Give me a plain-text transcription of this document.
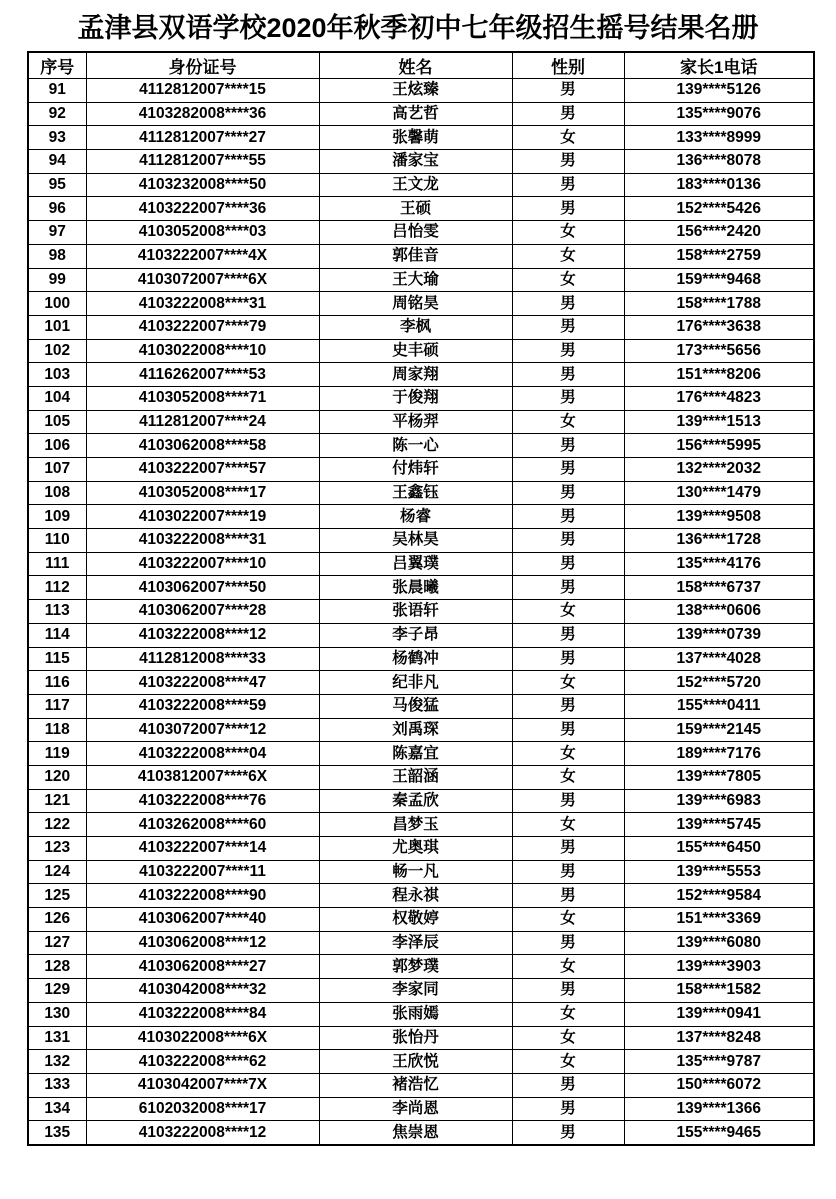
孟津县双语学校2020年秋季初中七年级招生摇号结果名册
序号	身份证号	姓名	性别	家长1电话
91	4112812007****15	王炫臻	男	139****5126
92	4103282008****36	高艺哲	男	135****9076
93	4112812007****27	张馨萌	女	133****8999
94	4112812007****55	潘家宝	男	136****8078
95	4103232008****50	王文龙	男	183****0136
96	4103222007****36	王硕	男	152****5426
97	4103052008****03	吕怡雯	女	156****2420
98	4103222007****4X	郭佳音	女	158****2759
99	4103072007****6X	王大瑜	女	159****9468
100	4103222008****31	周铭昊	男	158****1788
101	4103222007****79	李枫	男	176****3638
102	4103022008****10	史丰硕	男	173****5656
103	4116262007****53	周家翔	男	151****8206
104	4103052008****71	于俊翔	男	176****4823
105	4112812007****24	平杨羿	女	139****1513
106	4103062008****58	陈一心	男	156****5995
107	4103222007****57	付炜轩	男	132****2032
108	4103052008****17	王鑫钰	男	130****1479
109	4103022007****19	杨睿	男	139****9508
110	4103222008****31	吴林昊	男	136****1728
111	4103222007****10	吕翼璞	男	135****4176
112	4103062007****50	张晨曦	男	158****6737
113	4103062007****28	张语轩	女	138****0606
114	4103222008****12	李子昂	男	139****0739
115	4112812008****33	杨鹤冲	男	137****4028
116	4103222008****47	纪非凡	女	152****5720
117	4103222008****59	马俊猛	男	155****0411
118	4103072007****12	刘禹琛	男	159****2145
119	4103222008****04	陈嘉宜	女	189****7176
120	4103812007****6X	王韶涵	女	139****7805
121	4103222008****76	秦孟欣	男	139****6983
122	4103262008****60	昌梦玉	女	139****5745
123	4103222007****14	尤奥琪	男	155****6450
124	4103222007****11	畅一凡	男	139****5553
125	4103222008****90	程永祺	男	152****9584
126	4103062007****40	权敬婷	女	151****3369
127	4103062008****12	李泽辰	男	139****6080
128	4103062008****27	郭梦璞	女	139****3903
129	4103042008****32	李家同	男	158****1582
130	4103222008****84	张雨嫣	女	139****0941
131	4103022008****6X	张怡丹	女	137****8248
132	4103222008****62	王欣悦	女	135****9787
133	4103042007****7X	褚浩忆	男	150****6072
134	6102032008****17	李尚恩	男	139****1366
135	4103222008****12	焦崇恩	男	155****9465
